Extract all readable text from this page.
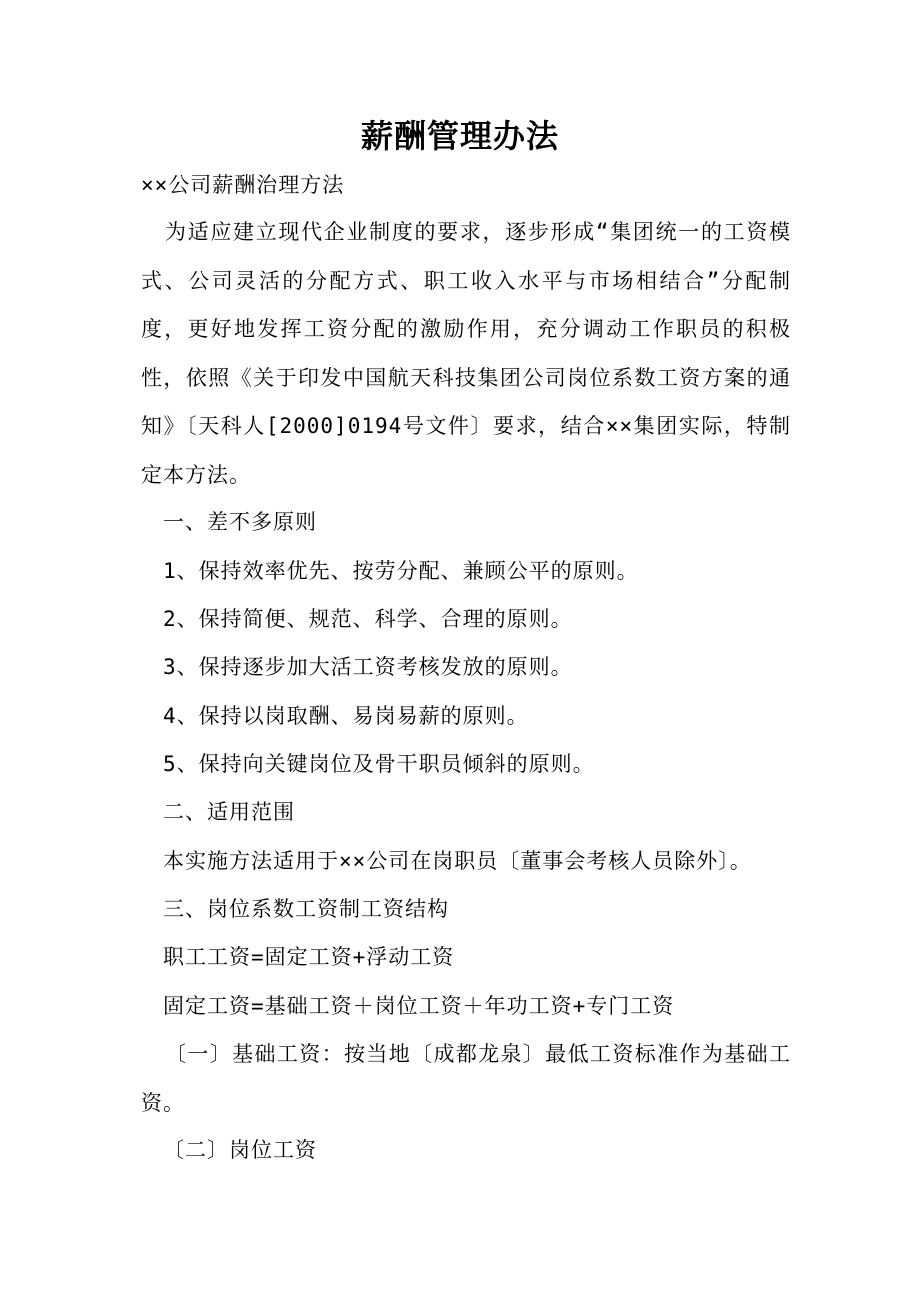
薪酬管理办法

××公司薪酬治理方法

为适应建立现代企业制度的要求，逐步形成“集团统一的工资模式、公司灵活的分配方式、职工收入水平与市场相结合”分配制度，更好地发挥工资分配的激励作用，充分调动工作职员的积极性，依照《关于印发中国航天科技集团公司岗位系数工资方案的通知》〔天科人[2000]0194号文件〕要求，结合××集团实际，特制定本方法。

一、差不多原则

1、保持效率优先、按劳分配、兼顾公平的原则。

2、保持简便、规范、科学、合理的原则。

3、保持逐步加大活工资考核发放的原则。

4、保持以岗取酬、易岗易薪的原则。

5、保持向关键岗位及骨干职员倾斜的原则。

二、适用范围

本实施方法适用于××公司在岗职员〔董事会考核人员除外〕。

三、岗位系数工资制工资结构

职工工资=固定工资+浮动工资

固定工资=基础工资＋岗位工资＋年功工资+专门工资

〔一〕基础工资：按当地〔成都龙泉〕最低工资标准作为基础工资。

〔二〕岗位工资
